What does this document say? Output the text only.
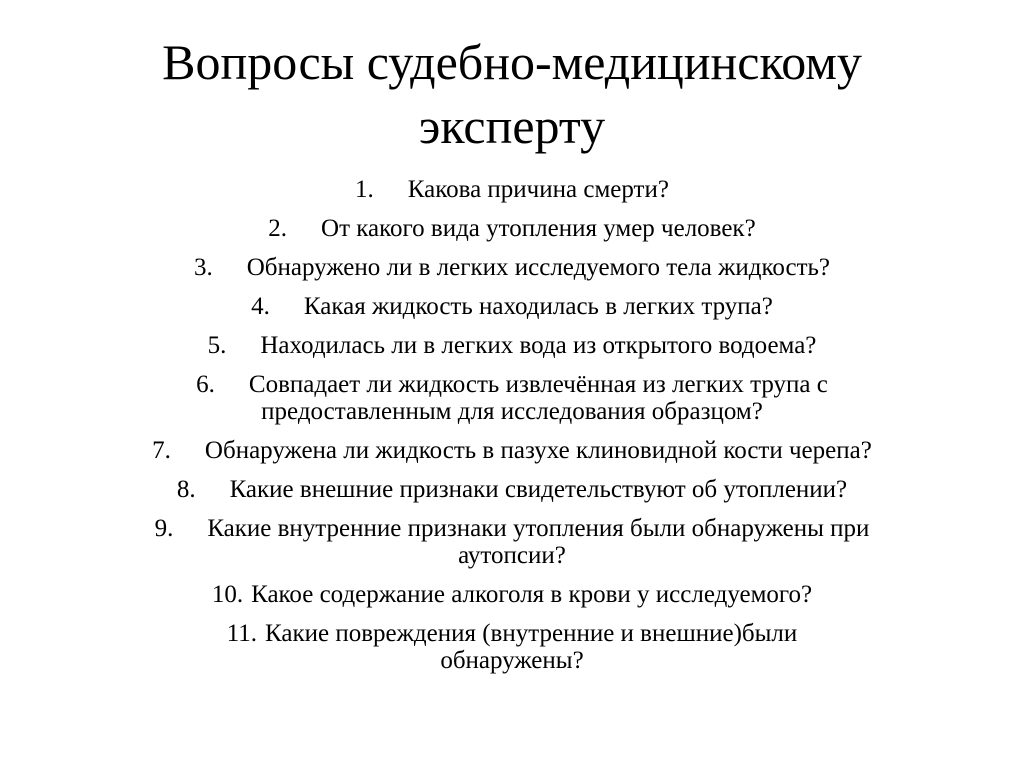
Вопросы судебно-медицинскому
эксперту
1. Какова причина смерти?
2. От какого вида утопления умер человек?
3. Обнаружено ли в легких исследуемого тела жидкость?
4. Какая жидкость находилась в легких трупа?
5. Находилась ли в легких вода из открытого водоема?
6. Совпадает ли жидкость извлечённая из легких трупа с
предоставленным для исследования образцом?
7. Обнаружена ли жидкость в пазухе клиновидной кости черепа?
8. Какие внешние признаки свидетельствуют об утоплении?
9. Какие внутренние признаки утопления были обнаружены при
аутопсии?
10. Какое содержание алкоголя в крови у исследуемого?
11. Какие повреждения (внутренние и внешние)были
обнаружены?
